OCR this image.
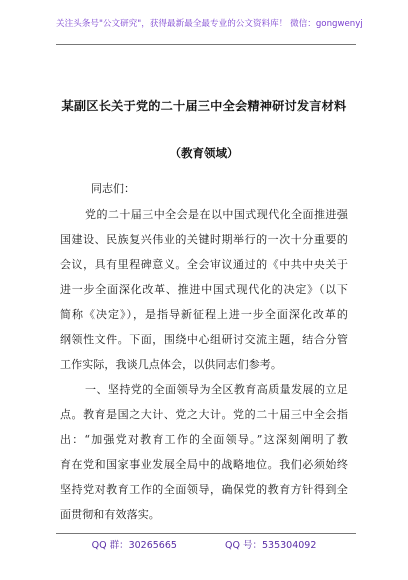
关注头条号"公文研究"，获得最新最全最专业的公文资料库！ 微信：gongwenyj
某副区长关于党的二十届三中全会精神研讨发言材料
（教育领域）
同志们：
党的二十届三中全会是在以中国式现代化全面推进强
国建设、民族复兴伟业的关键时期举行的一次十分重要的
会议，具有里程碑意义。全会审议通过的《中共中央关于
进一步全面深化改革、推进中国式现代化的决定》（以下
简称《决定》），是指导新征程上进一步全面深化改革的
纲领性文件。下面，围绕中心组研讨交流主题，结合分管
工作实际，我谈几点体会，以供同志们参考。
一、坚持党的全面领导为全区教育高质量发展的立足
点。教育是国之大计、党之大计。党的二十届三中全会指
出：“加强党对教育工作的全面领导。”这深刻阐明了教
育在党和国家事业发展全局中的战略地位。我们必须始终
坚持党对教育工作的全面领导，确保党的教育方针得到全
面贯彻和有效落实。
QQ 群：30265665	QQ 号：535304092
